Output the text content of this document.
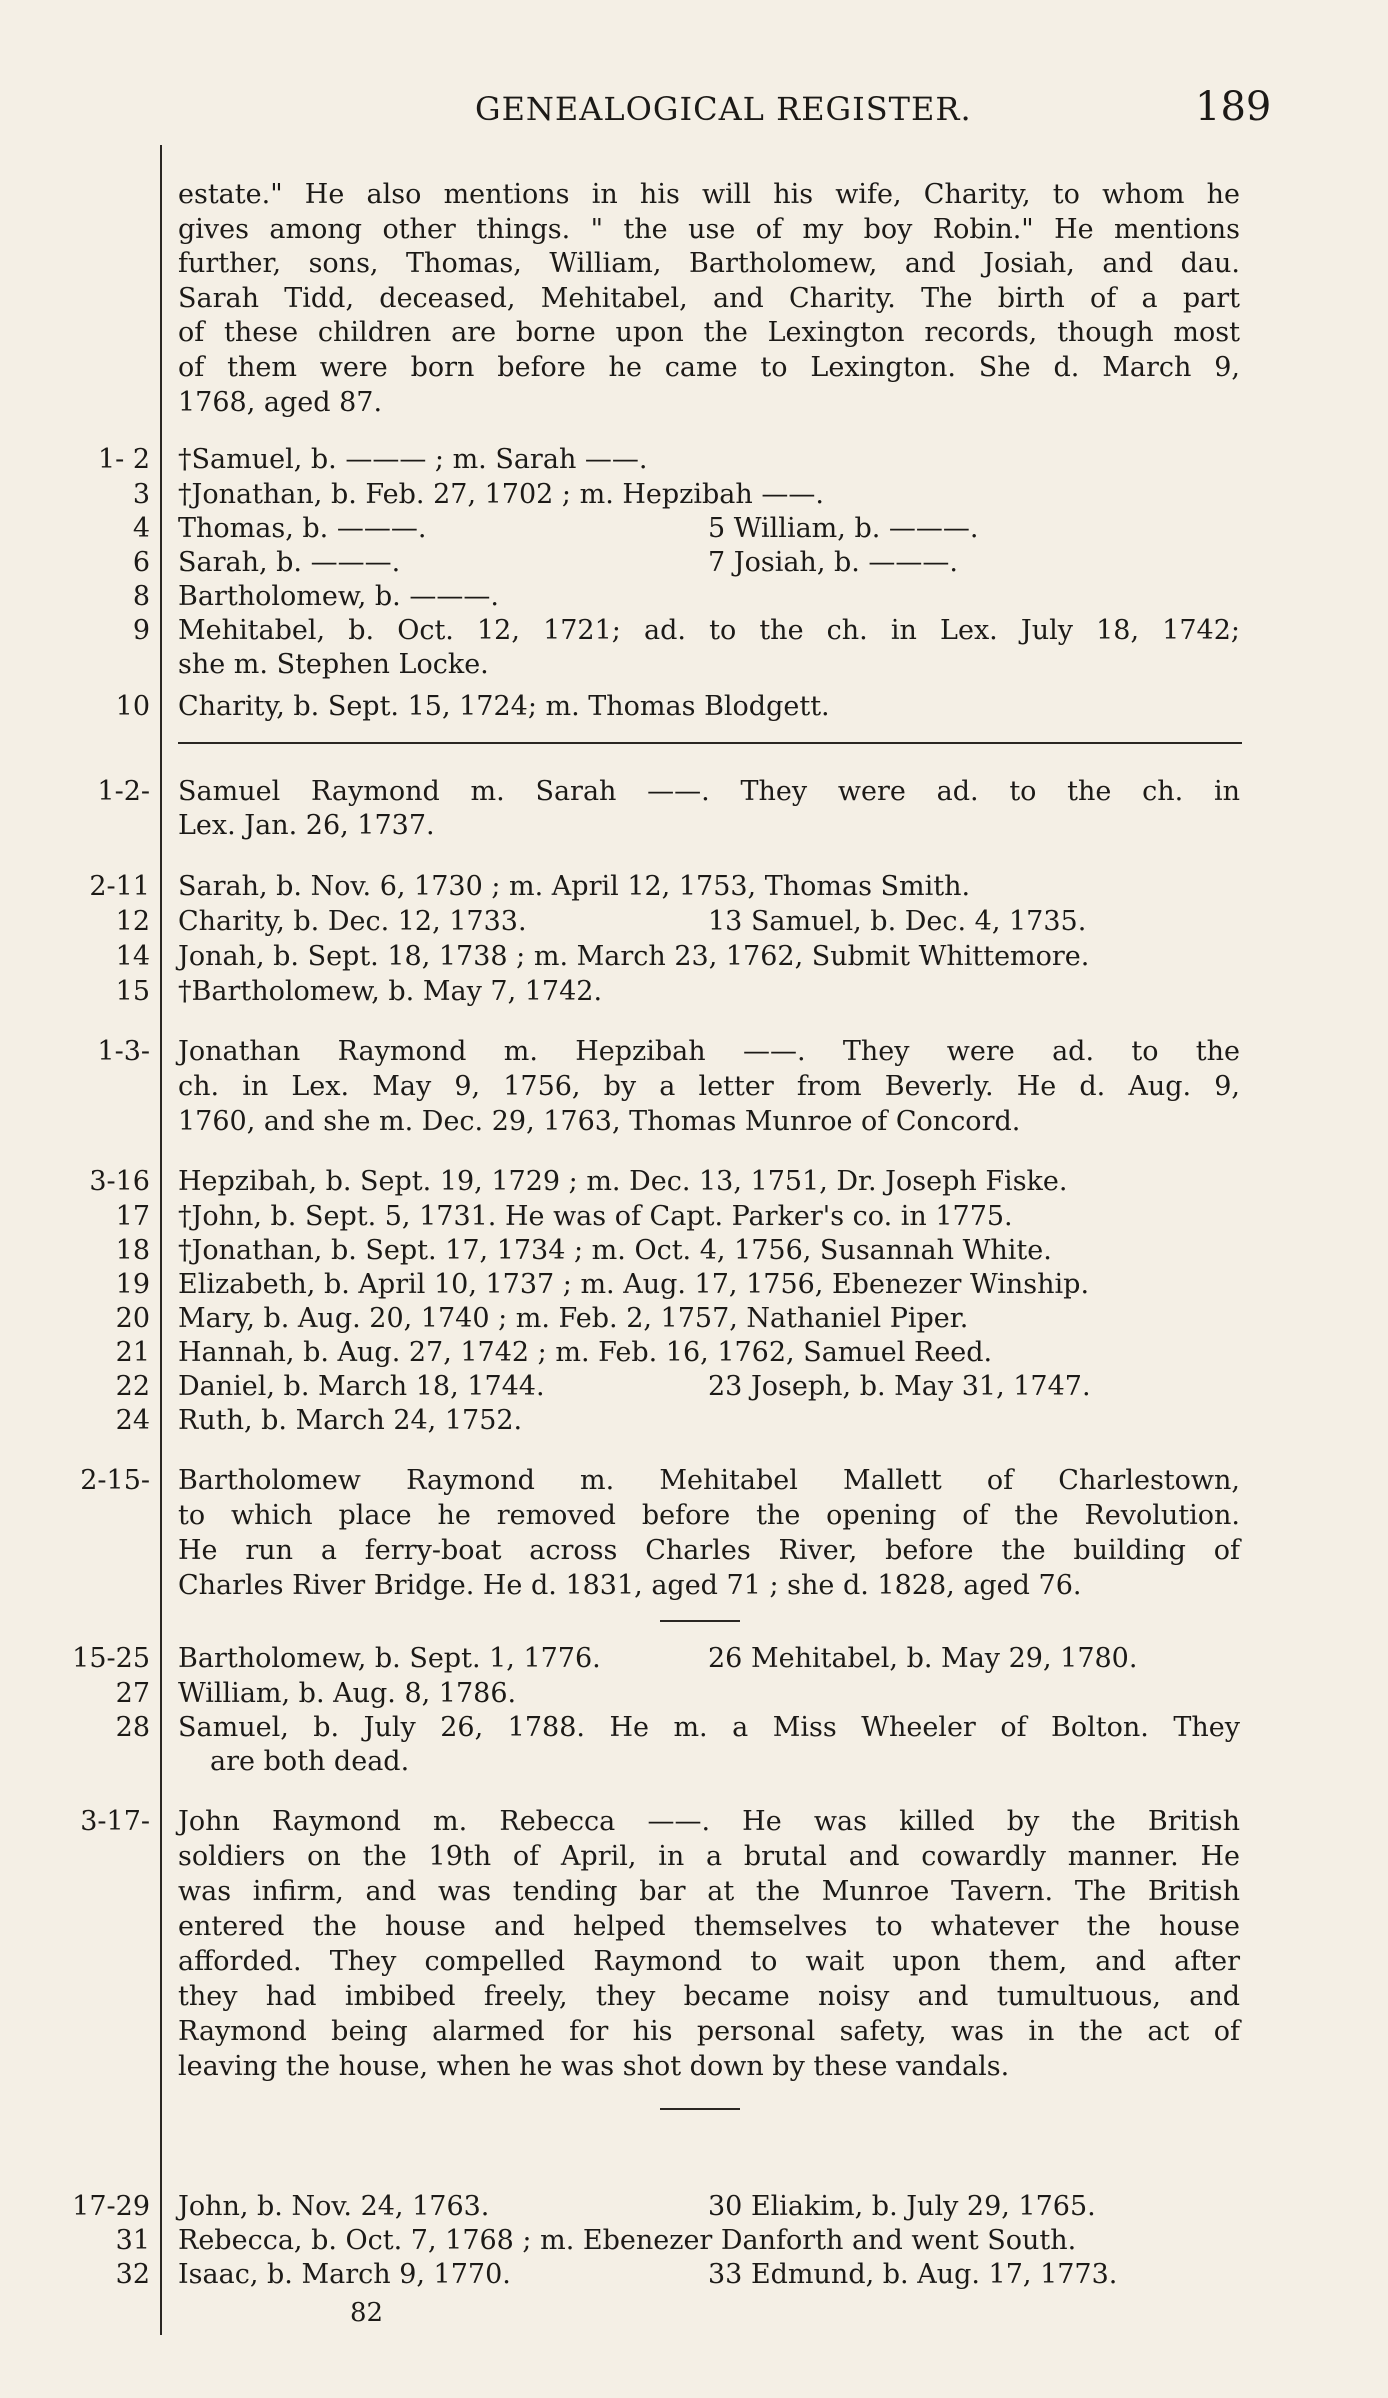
GENEALOGICAL REGISTER.	189
estate." He also mentions in his will his wife, Charity, to whom he
gives among other things. " the use of my boy Robin." He mentions
further, sons, Thomas, William, Bartholomew, and Josiah, and dau.
Sarah Tidd, deceased, Mehitabel, and Charity. The birth of a part
of these children are borne upon the Lexington records, though most
of them were born before he came to Lexington. She d. March 9,
1768, aged 87.
1- 2 †Samuel, b. ——— ; m. Sarah ——.
3 †Jonathan, b. Feb. 27, 1702 ; m. Hepzibah ——.
4 Thomas, b. ———.	5 William, b. ———.
6 Sarah, b. ———.	7 Josiah, b. ———.
8 Bartholomew, b. ———.
9 Mehitabel, b. Oct. 12, 1721; ad. to the ch. in Lex. July 18, 1742;
she m. Stephen Locke.
10 Charity, b. Sept. 15, 1724; m. Thomas Blodgett.
1-2- Samuel Raymond m. Sarah ——. They were ad. to the ch. in
Lex. Jan. 26, 1737.
2-11 Sarah, b. Nov. 6, 1730 ; m. April 12, 1753, Thomas Smith.
12 Charity, b. Dec. 12, 1733.	13 Samuel, b. Dec. 4, 1735.
14 Jonah, b. Sept. 18, 1738 ; m. March 23, 1762, Submit Whittemore.
15 †Bartholomew, b. May 7, 1742.
1-3- Jonathan Raymond m. Hepzibah ——. They were ad. to the
ch. in Lex. May 9, 1756, by a letter from Beverly. He d. Aug. 9,
1760, and she m. Dec. 29, 1763, Thomas Munroe of Concord.
3-16 Hepzibah, b. Sept. 19, 1729 ; m. Dec. 13, 1751, Dr. Joseph Fiske.
17 †John, b. Sept. 5, 1731. He was of Capt. Parker's co. in 1775.
18 †Jonathan, b. Sept. 17, 1734 ; m. Oct. 4, 1756, Susannah White.
19 Elizabeth, b. April 10, 1737 ; m. Aug. 17, 1756, Ebenezer Winship.
20 Mary, b. Aug. 20, 1740 ; m. Feb. 2, 1757, Nathaniel Piper.
21 Hannah, b. Aug. 27, 1742 ; m. Feb. 16, 1762, Samuel Reed.
22 Daniel, b. March 18, 1744.	23 Joseph, b. May 31, 1747.
24 Ruth, b. March 24, 1752.
2-15- Bartholomew Raymond m. Mehitabel Mallett of Charlestown,
to which place he removed before the opening of the Revolution.
He run a ferry-boat across Charles River, before the building of
Charles River Bridge. He d. 1831, aged 71 ; she d. 1828, aged 76.
15-25 Bartholomew, b. Sept. 1, 1776.	26 Mehitabel, b. May 29, 1780.
27 William, b. Aug. 8, 1786.
28 Samuel, b. July 26, 1788. He m. a Miss Wheeler of Bolton. They
are both dead.
3-17- John Raymond m. Rebecca ——. He was killed by the British
soldiers on the 19th of April, in a brutal and cowardly manner. He
was infirm, and was tending bar at the Munroe Tavern. The British
entered the house and helped themselves to whatever the house
afforded. They compelled Raymond to wait upon them, and after
they had imbibed freely, they became noisy and tumultuous, and
Raymond being alarmed for his personal safety, was in the act of
leaving the house, when he was shot down by these vandals.
17-29 John, b. Nov. 24, 1763.	30 Eliakim, b. July 29, 1765.
31 Rebecca, b. Oct. 7, 1768 ; m. Ebenezer Danforth and went South.
32 Isaac, b. March 9, 1770.	33 Edmund, b. Aug. 17, 1773.
82
